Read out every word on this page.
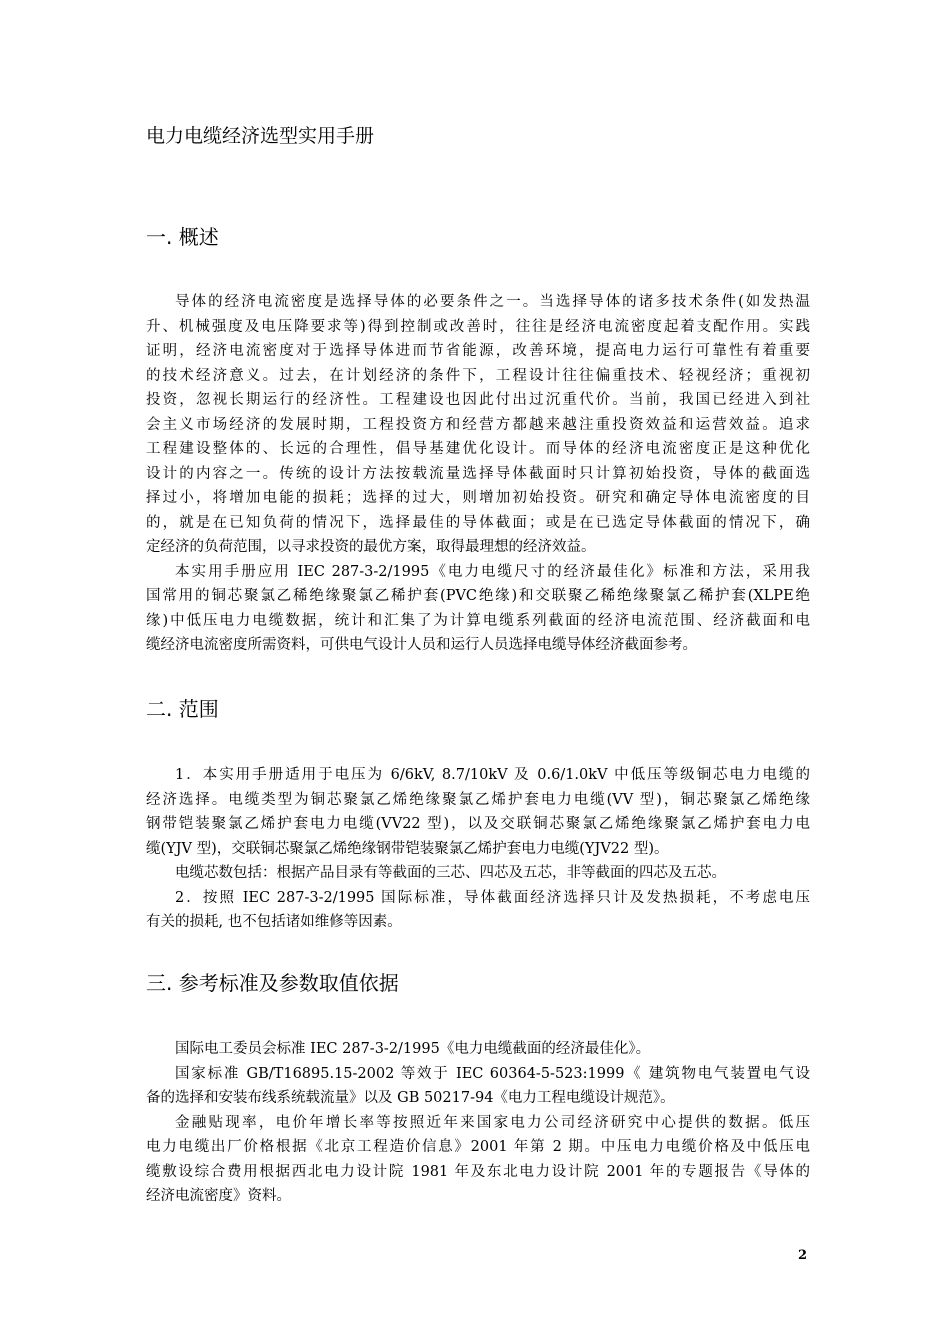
电力电缆经济选型实用手册
一. 概述
导体的经济电流密度是选择导体的必要条件之一。当选择导体的诸多技术条件(如发热温
升、机械强度及电压降要求等)得到控制或改善时，往往是经济电流密度起着支配作用。实践
证明，经济电流密度对于选择导体进而节省能源，改善环境，提高电力运行可靠性有着重要
的技术经济意义。过去，在计划经济的条件下，工程设计往往偏重技术、轻视经济；重视初
投资，忽视长期运行的经济性。工程建设也因此付出过沉重代价。当前，我国已经进入到社
会主义市场经济的发展时期，工程投资方和经营方都越来越注重投资效益和运营效益。追求
工程建设整体的、长远的合理性，倡导基建优化设计。而导体的经济电流密度正是这种优化
设计的内容之一。传统的设计方法按载流量选择导体截面时只计算初始投资，导体的截面选
择过小，将增加电能的损耗；选择的过大，则增加初始投资。研究和确定导体电流密度的目
的，就是在已知负荷的情况下，选择最佳的导体截面；或是在已选定导体截面的情况下，确
定经济的负荷范围，以寻求投资的最优方案，取得最理想的经济效益。
本实用手册应用 IEC 287-3-2/1995《电力电缆尺寸的经济最佳化》标准和方法，采用我
国常用的铜芯聚氯乙稀绝缘聚氯乙稀护套(PVC绝缘)和交联聚乙稀绝缘聚氯乙稀护套(XLPE绝
缘)中低压电力电缆数据，统计和汇集了为计算电缆系列截面的经济电流范围、经济截面和电
缆经济电流密度所需资料，可供电气设计人员和运行人员选择电缆导体经济截面参考。
二. 范围
1．本实用手册适用于电压为 6/6kV, 8.7/10kV 及 0.6/1.0kV 中低压等级铜芯电力电缆的
经济选择。电缆类型为铜芯聚氯乙烯绝缘聚氯乙烯护套电力电缆(VV 型)，铜芯聚氯乙烯绝缘
钢带铠装聚氯乙烯护套电力电缆(VV22 型)，以及交联铜芯聚氯乙烯绝缘聚氯乙烯护套电力电
缆(YJV 型)，交联铜芯聚氯乙烯绝缘钢带铠装聚氯乙烯护套电力电缆(YJV22 型)。
电缆芯数包括：根据产品目录有等截面的三芯、四芯及五芯，非等截面的四芯及五芯。
2．按照 IEC 287-3-2/1995 国际标准，导体截面经济选择只计及发热损耗，不考虑电压
有关的损耗, 也不包括诸如维修等因素。
三. 参考标准及参数取值依据
国际电工委员会标准 IEC 287-3-2/1995《电力电缆截面的经济最佳化》。
国家标准 GB/T16895.15-2002 等效于 IEC 60364-5-523:1999《 建筑物电气装置电气设
备的选择和安装布线系统载流量》以及 GB 50217-94《电力工程电缆设计规范》。
金融贴现率，电价年增长率等按照近年来国家电力公司经济研究中心提供的数据。低压
电力电缆出厂价格根据《北京工程造价信息》2001 年第 2 期。中压电力电缆价格及中低压电
缆敷设综合费用根据西北电力设计院 1981 年及东北电力设计院 2001 年的专题报告《导体的
经济电流密度》资料。
2
